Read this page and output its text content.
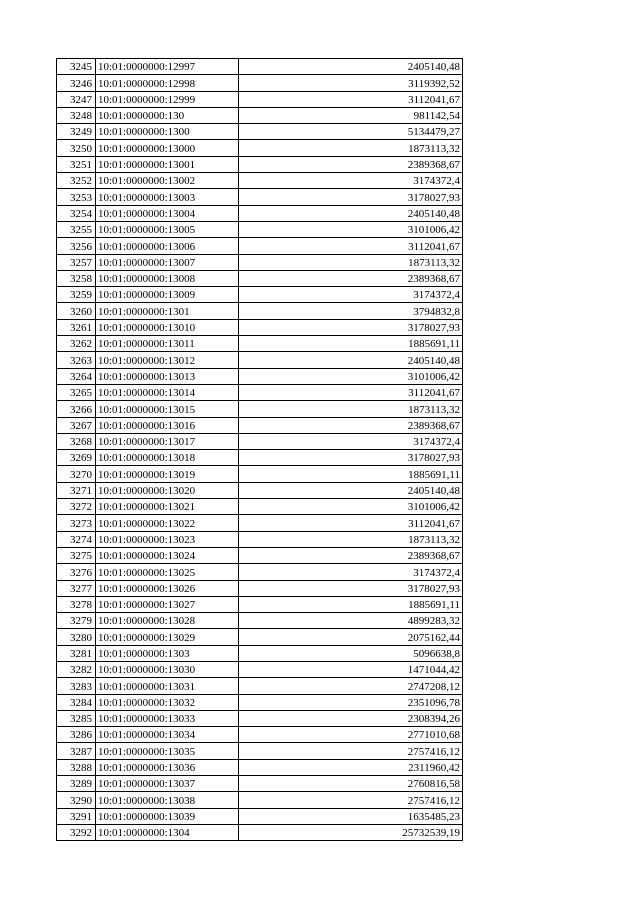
3245	10:01:0000000:12997	2405140,48
3246	10:01:0000000:12998	3119392,52
3247	10:01:0000000:12999	3112041,67
3248	10:01:0000000:130	981142,54
3249	10:01:0000000:1300	5134479,27
3250	10:01:0000000:13000	1873113,32
3251	10:01:0000000:13001	2389368,67
3252	10:01:0000000:13002	3174372,4
3253	10:01:0000000:13003	3178027,93
3254	10:01:0000000:13004	2405140,48
3255	10:01:0000000:13005	3101006,42
3256	10:01:0000000:13006	3112041,67
3257	10:01:0000000:13007	1873113,32
3258	10:01:0000000:13008	2389368,67
3259	10:01:0000000:13009	3174372,4
3260	10:01:0000000:1301	3794832,8
3261	10:01:0000000:13010	3178027,93
3262	10:01:0000000:13011	1885691,11
3263	10:01:0000000:13012	2405140,48
3264	10:01:0000000:13013	3101006,42
3265	10:01:0000000:13014	3112041,67
3266	10:01:0000000:13015	1873113,32
3267	10:01:0000000:13016	2389368,67
3268	10:01:0000000:13017	3174372,4
3269	10:01:0000000:13018	3178027,93
3270	10:01:0000000:13019	1885691,11
3271	10:01:0000000:13020	2405140,48
3272	10:01:0000000:13021	3101006,42
3273	10:01:0000000:13022	3112041,67
3274	10:01:0000000:13023	1873113,32
3275	10:01:0000000:13024	2389368,67
3276	10:01:0000000:13025	3174372,4
3277	10:01:0000000:13026	3178027,93
3278	10:01:0000000:13027	1885691,11
3279	10:01:0000000:13028	4899283,32
3280	10:01:0000000:13029	2075162,44
3281	10:01:0000000:1303	5096638,8
3282	10:01:0000000:13030	1471044,42
3283	10:01:0000000:13031	2747208,12
3284	10:01:0000000:13032	2351096,78
3285	10:01:0000000:13033	2308394,26
3286	10:01:0000000:13034	2771010,68
3287	10:01:0000000:13035	2757416,12
3288	10:01:0000000:13036	2311960,42
3289	10:01:0000000:13037	2760816,58
3290	10:01:0000000:13038	2757416,12
3291	10:01:0000000:13039	1635485,23
3292	10:01:0000000:1304	25732539,19
